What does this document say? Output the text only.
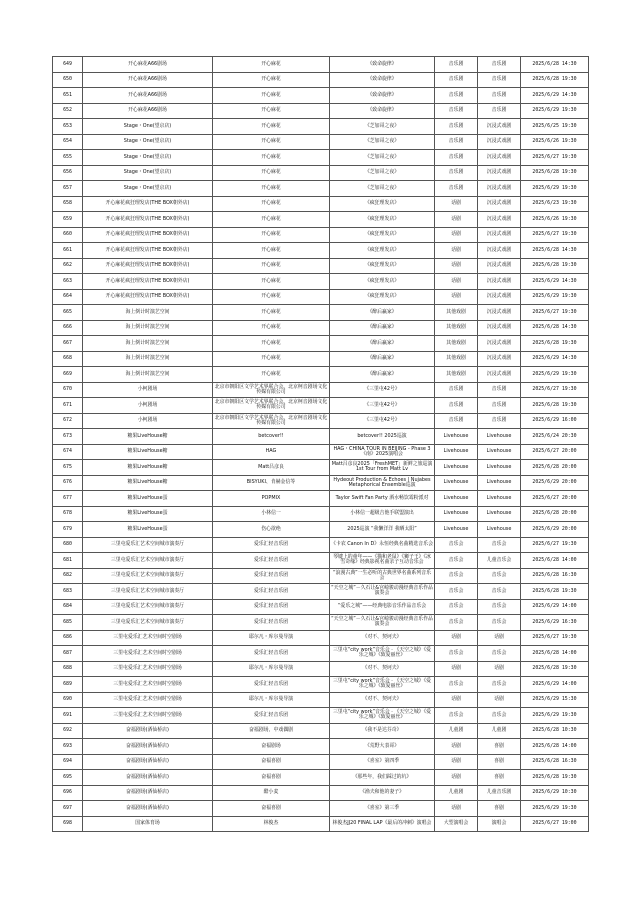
649	开心麻花A66剧场	开心麻花	《致命旋律》	音乐剧	音乐剧	2025/6/28 14:30
650	开心麻花A66剧场	开心麻花	《致命旋律》	音乐剧	音乐剧	2025/6/28 19:30
651	开心麻花A66剧场	开心麻花	《致命旋律》	音乐剧	音乐剧	2025/6/29 14:30
652	开心麻花A66剧场	开心麻花	《致命旋律》	音乐剧	音乐剧	2025/6/29 19:30
653	Stage・One(望京店)	开心麻花	《芝加哥之夜》	音乐剧	沉浸式戏剧	2025/6/25 19:30
654	Stage・One(望京店)	开心麻花	《芝加哥之夜》	音乐剧	沉浸式戏剧	2025/6/26 19:30
655	Stage・One(望京店)	开心麻花	《芝加哥之夜》	音乐剧	沉浸式戏剧	2025/6/27 19:30
656	Stage・One(望京店)	开心麻花	《芝加哥之夜》	音乐剧	沉浸式戏剧	2025/6/28 19:30
657	Stage・One(望京店)	开心麻花	《芝加哥之夜》	音乐剧	沉浸式戏剧	2025/6/29 19:30
658	开心麻花疯狂理发店(THE BOX朝外店)	开心麻花	《疯狂理发店》	话剧	沉浸式戏剧	2025/6/23 19:30
659	开心麻花疯狂理发店(THE BOX朝外店)	开心麻花	《疯狂理发店》	话剧	沉浸式戏剧	2025/6/26 19:30
660	开心麻花疯狂理发店(THE BOX朝外店)	开心麻花	《疯狂理发店》	话剧	沉浸式戏剧	2025/6/27 19:30
661	开心麻花疯狂理发店(THE BOX朝外店)	开心麻花	《疯狂理发店》	话剧	沉浸式戏剧	2025/6/28 14:30
662	开心麻花疯狂理发店(THE BOX朝外店)	开心麻花	《疯狂理发店》	话剧	沉浸式戏剧	2025/6/28 19:30
663	开心麻花疯狂理发店(THE BOX朝外店)	开心麻花	《疯狂理发店》	话剧	沉浸式戏剧	2025/6/29 14:30
664	开心麻花疯狂理发店(THE BOX朝外店)	开心麻花	《疯狂理发店》	话剧	沉浸式戏剧	2025/6/29 19:30
665	海上倒计时演艺空间	开心麻花	《醉后赢家》	其他戏剧	沉浸式戏剧	2025/6/27 19:30
666	海上倒计时演艺空间	开心麻花	《醉后赢家》	其他戏剧	沉浸式戏剧	2025/6/28 14:30
667	海上倒计时演艺空间	开心麻花	《醉后赢家》	其他戏剧	沉浸式戏剧	2025/6/28 19:30
668	海上倒计时演艺空间	开心麻花	《醉后赢家》	其他戏剧	沉浸式戏剧	2025/6/29 14:30
669	海上倒计时演艺空间	开心麻花	《醉后赢家》	其他戏剧	沉浸式戏剧	2025/6/29 19:30
670	小柯剧场	北京市朝阳区文学艺术界联合会、北京柯音剧场文化传媒有限公司	《三里屯42号》	音乐剧	音乐剧	2025/6/27 19:30
671	小柯剧场	北京市朝阳区文学艺术界联合会、北京柯音剧场文化传媒有限公司	《三里屯42号》	音乐剧	音乐剧	2025/6/28 19:30
672	小柯剧场	北京市朝阳区文学艺术界联合会、北京柯音剧场文化传媒有限公司	《三里屯42号》	音乐剧	音乐剧	2025/6/29 16:00
673	糖果LiveHouse糖	betcover!!	betcover!! 2025巡演	Livehouse	Livehouse	2025/6/24 20:30
674	糖果LiveHouse糖	HAG	HAG・CHINA TOUR IN BEIJING - Phase 3《南》2025演唱会	Livehouse	Livehouse	2025/6/27 20:00
675	糖果LiveHouse糖	Matt吕彦良	Matt吕彦良2025「FreshMET」新鲜之旅巡演 1st Tour from Matt Lv	Livehouse	Livehouse	2025/6/28 20:00
676	糖果LiveHouse糖	BISYUKI、肯赫金信等	Hydeout Production & Echoes | Nujabes Metaphorical Ensemble巡演	Livehouse	Livehouse	2025/6/29 20:00
677	糖果LiveHouse蛋	POPMIX	Taylor Swift Fan Party 酒水畅饮霉粉派对	Livehouse	Livehouse	2025/6/27 20:00
678	糖果LiveHouse蛋	小林信一	小林信一超级吉他手联盟演出	Livehouse	Livehouse	2025/6/28 20:00
679	糖果LiveHouse蛋	伤心欲绝	2025巡演 “我懒洋洋 我晒太阳”	Livehouse	Livehouse	2025/6/29 20:00
680	三里屯爱乐汇艺术空间城市演奏厅	爱乐汇轻音乐团	《卡农 Canon In D》永恒经典名曲精选音乐会	音乐会	音乐会	2025/6/27 19:30
681	三里屯爱乐汇艺术空间城市演奏厅	爱乐汇轻音乐团	琴键上的童年——《猫和老鼠》《狮子王》《冰雪奇缘》经典影视名曲亲子互动音乐会	音乐会	儿童音乐会	2025/6/28 14:00
682	三里屯爱乐汇艺术空间城市演奏厅	爱乐汇轻音乐团	“浪漫古典”一生必听的古典世界名曲系列音乐会	音乐会	音乐会	2025/6/28 16:30
683	三里屯爱乐汇艺术空间城市演奏厅	爱乐汇轻音乐团	“天空之城”－久石让&宫崎骏动漫经典音乐作品演奏会	音乐会	音乐会	2025/6/28 19:30
684	三里屯爱乐汇艺术空间城市演奏厅	爱乐汇轻音乐团	“爱乐之城”——经典电影音乐作品音乐会	音乐会	音乐会	2025/6/29 14:00
685	三里屯爱乐汇艺术空间城市演奏厅	爱乐汇轻音乐团	“天空之城”－久石让&宫崎骏动漫经典音乐作品演奏会	音乐会	音乐会	2025/6/29 16:30
686	三里屯爱乐汇艺术空间时空剧场	耶尔凡・库尔曼导演	《对不、契诃夫》	话剧	话剧	2025/6/27 19:30
687	三里屯爱乐汇艺术空间时空剧场	爱乐汇轻音乐团	三里屯“city work”音乐会 · 《天空之城》《爱乐之城》《致爱丽丝》	音乐会	音乐会	2025/6/28 14:00
688	三里屯爱乐汇艺术空间时空剧场	耶尔凡・库尔曼导演	《对不、契诃夫》	话剧	话剧	2025/6/28 19:30
689	三里屯爱乐汇艺术空间时空剧场	爱乐汇轻音乐团	三里屯“city work”音乐会 · 《天空之城》《爱乐之城》《致爱丽丝》	音乐会	音乐会	2025/6/29 14:00
690	三里屯爱乐汇艺术空间时空剧场	耶尔凡・库尔曼导演	《对不、契诃夫》	话剧	话剧	2025/6/29 15:30
691	三里屯爱乐汇艺术空间时空剧场	爱乐汇轻音乐团	三里屯“city work”音乐会 · 《天空之城》《爱乐之城》《致爱丽丝》	音乐会	音乐会	2025/6/29 19:30
692	奋福剧场(酒仙桥店)	奋福剧场，中戏偶剧	《我不是达芬奇》	儿童剧	儿童剧	2025/6/28 10:30
693	奋福剧场(酒仙桥店)	奋福剧场	《荒野大表哥》	话剧	喜剧	2025/6/28 14:00
694	奋福剧场(酒仙桥店)	奋福喜剧	《喜室》第四季	话剧	喜剧	2025/6/28 16:30
695	奋福剧场(酒仙桥店)	奋福喜剧	《那些年，我们踩过的坑》	话剧	喜剧	2025/6/28 19:30
696	奋福剧场(酒仙桥店)	酷小麦	《渔夫和他的妻子》	儿童剧	儿童音乐剧	2025/6/29 10:30
697	奋福剧场(酒仙桥店)	奋福喜剧	《喜室》第三季	话剧	喜剧	2025/6/29 19:30
698	国家体育场	林俊杰	林俊杰JJ20 FINAL LAP《最后的冲刺》演唱会	大型演唱会	演唱会	2025/6/27 19:00
